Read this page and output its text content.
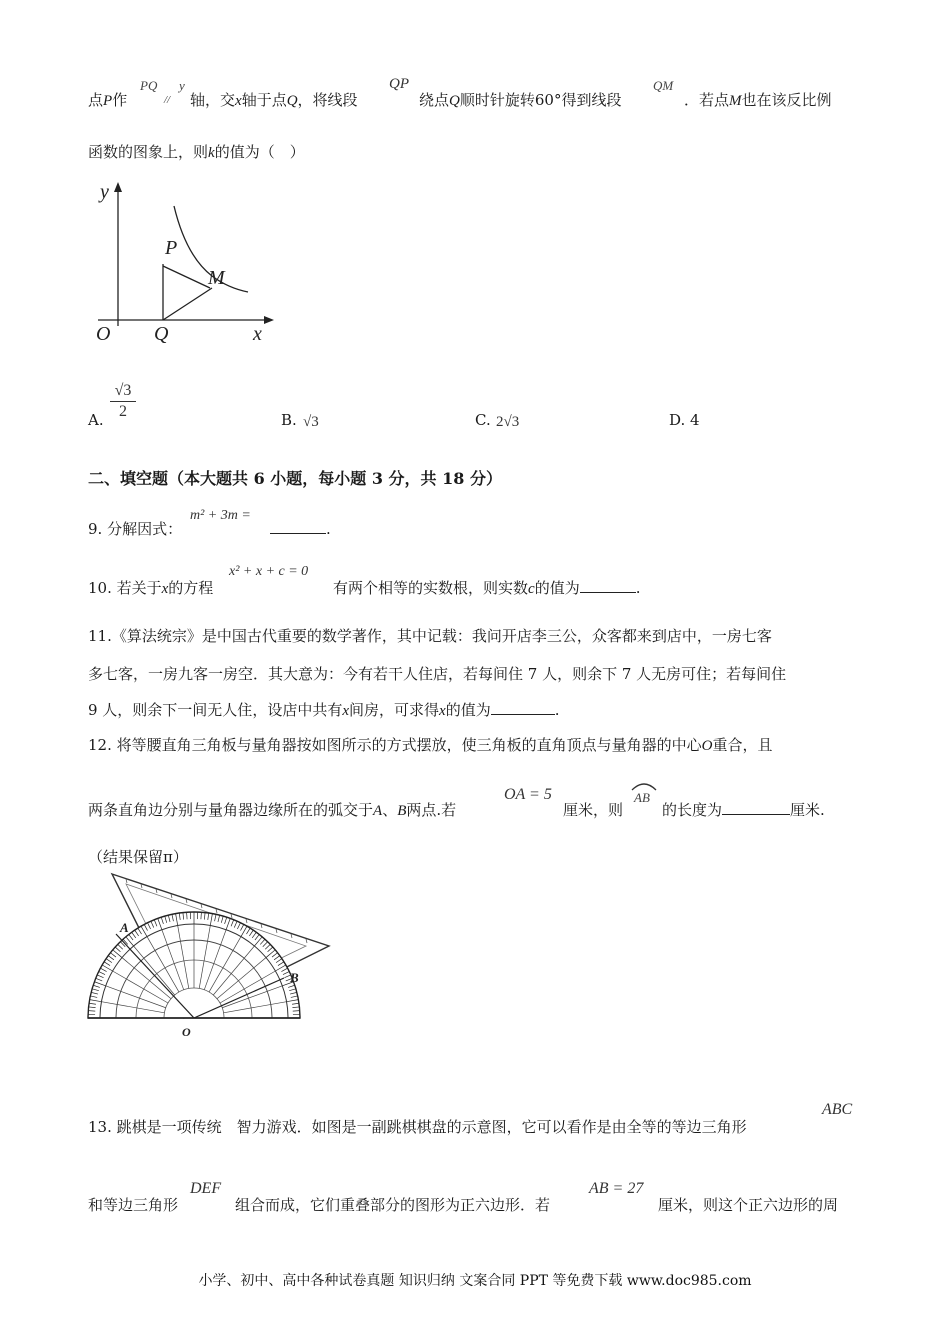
点P作
PQ
//
y
轴，交x轴于点Q，将线段
QP
绕点Q顺时针旋转60°得到线段
QM
．若点M也在该反比例
函数的图象上，则k的值为（　）
y
P
M
O Q	x
A.
√3
2	B. √3	C. 2√3	D. 4
二、填空题（本大题共 6 小题，每小题 3 分，共 18 分）
9. 分解因式：
m² + 3m =
.
10. 若关于x的方程
x² + x + c = 0
有两个相等的实数根，则实数c的值为	.
11.《算法统宗》是中国古代重要的数学著作，其中记载：我问开店李三公，众客都来到店中，一房七客
多七客，一房九客一房空．其大意为：今有若干人住店，若每间住 7 人，则余下 7 人无房可住；若每间住
9 人，则余下一间无人住，设店中共有x间房，可求得x的值为	.
12. 将等腰直角三角板与量角器按如图所示的方式摆放，使三角板的直角顶点与量角器的中心O重合，且
两条直角边分别与量角器边缘所在的弧交于A、B两点.若
OA = 5
厘米，则
AB
的长度为	厘米.
（结果保留π）
A
B
O
13. 跳棋是一项传统　智力游戏．如图是一副跳棋棋盘的示意图，它可以看作是由全等的等边三角形
ABC
和等边三角形
DEF
组合而成，它们重叠部分的图形为正六边形．若
AB = 27
厘米，则这个正六边形的周
小学、初中、高中各种试卷真题 知识归纳 文案合同 PPT 等免费下载 www.doc985.com
